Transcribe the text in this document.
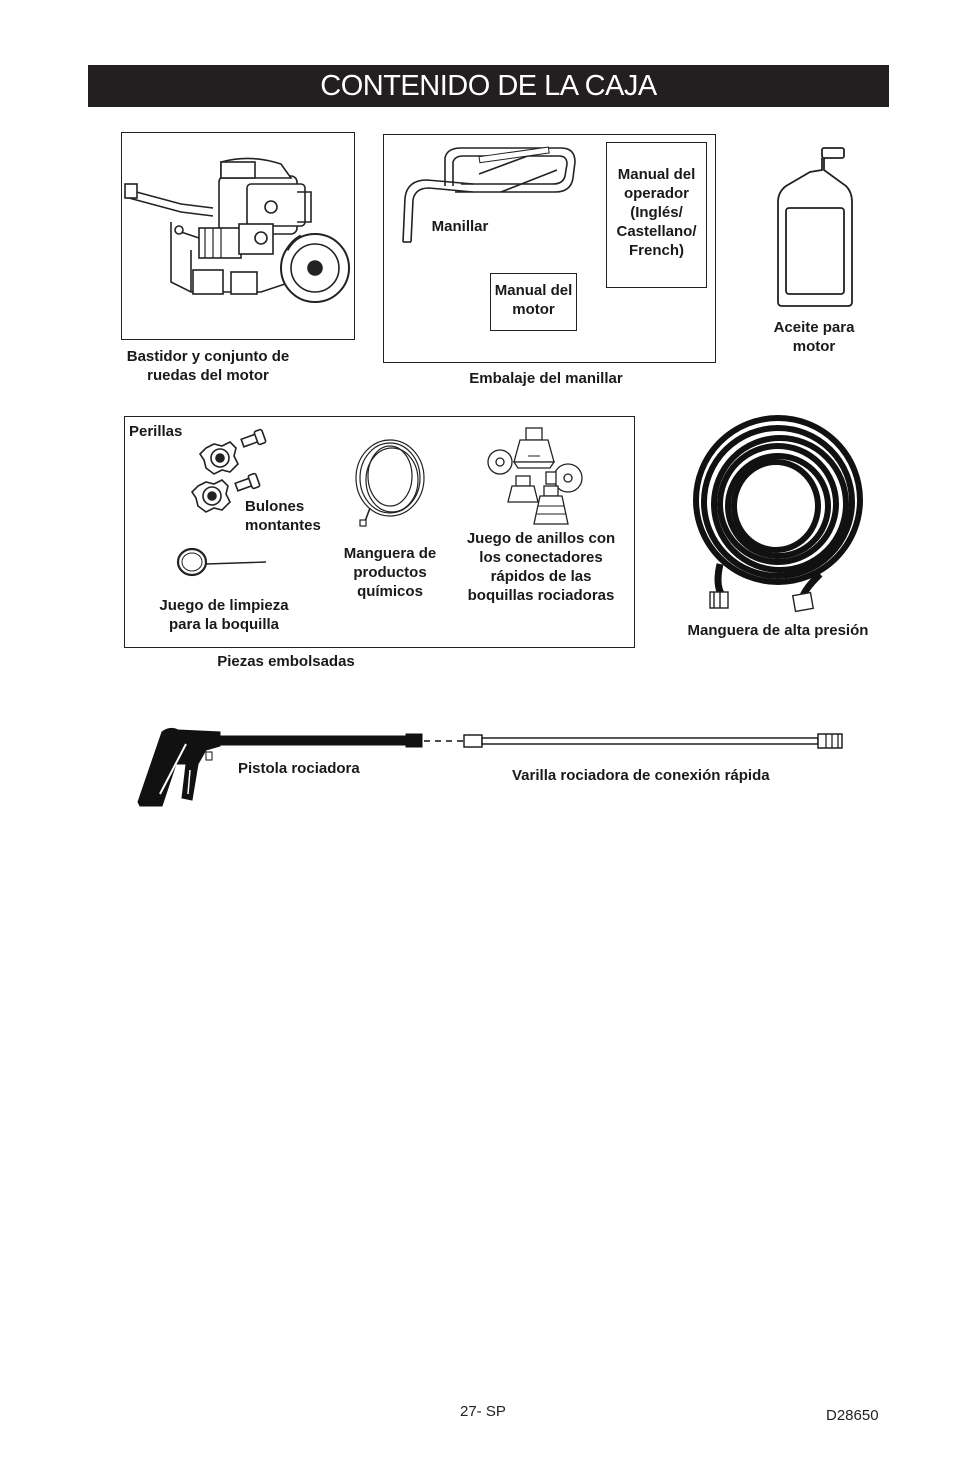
CONTENIDO DE LA CAJA
Bastidor y conjunto de ruedas del motor
Manillar
Manual del operador (Inglés/ Castellano/ French)
Manual del motor
Embalaje del manillar
Aceite para motor
Perillas
Bulones montantes
Juego de limpieza para la boquilla
Manguera de productos químicos
Juego de anillos con los conectadores rápidos de las boquillas rociadoras
Piezas embolsadas
Manguera de alta presión
Pistola rociadora	Varilla rociadora de conexión rápida
27- SP	D28650
